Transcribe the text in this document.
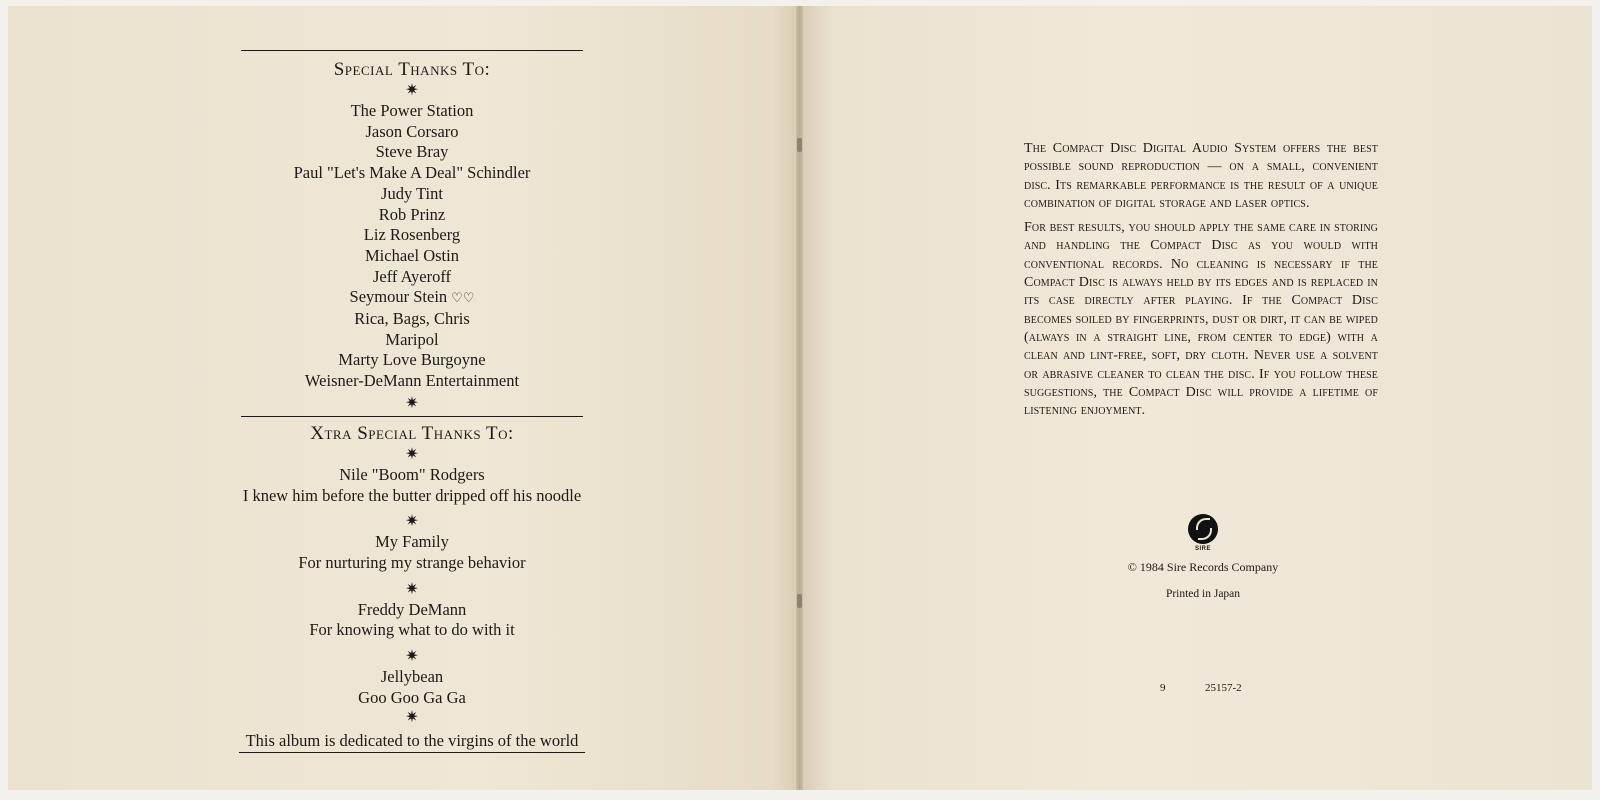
Special Thanks To:
✷
The Power Station
Jason Corsaro
Steve Bray
Paul "Let's Make A Deal" Schindler
Judy Tint
Rob Prinz
Liz Rosenberg
Michael Ostin
Jeff Ayeroff
Seymour Stein ♡♡
Rica, Bags, Chris
Maripol
Marty Love Burgoyne
Weisner-DeMann Entertainment
✷
Xtra Special Thanks To:
✷
Nile "Boom" Rodgers
I knew him before the butter dripped off his noodle
✷
My Family
For nurturing my strange behavior
✷
Freddy DeMann
For knowing what to do with it
✷
Jellybean
Goo Goo Ga Ga
✷
This album is dedicated to the virgins of the world

The Compact Disc Digital Audio System offers the best possible sound reproduction — on a small, convenient disc. Its remarkable performance is the result of a unique combination of digital storage and laser optics.

For best results, you should apply the same care in storing and handling the Compact Disc as you would with conventional records. No cleaning is necessary if the Compact Disc is always held by its edges and is replaced in its case directly after playing. If the Compact Disc becomes soiled by fingerprints, dust or dirt, it can be wiped (always in a straight line, from center to edge) with a clean and lint-free, soft, dry cloth. Never use a solvent or abrasive cleaner to clean the disc. If you follow these suggestions, the Compact Disc will provide a lifetime of listening enjoyment.

SIRE
© 1984 Sire Records Company
Printed in Japan
9	25157-2
